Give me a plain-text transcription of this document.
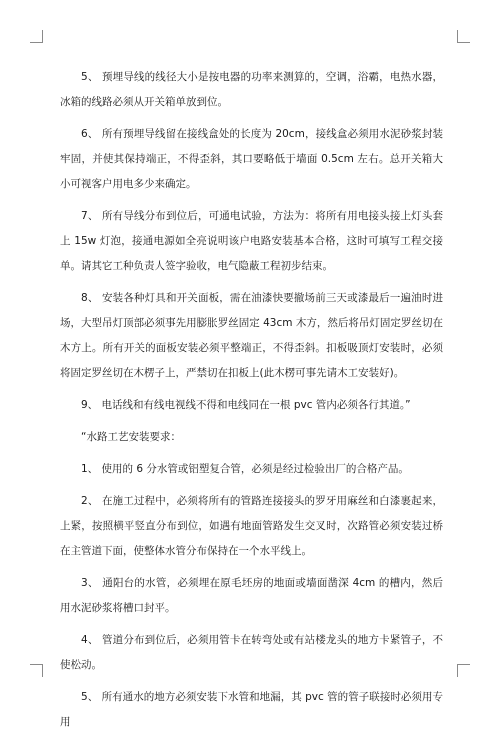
5、 预埋导线的线径大小是按电器的功率来测算的，空调，浴霸，电热水器，冰箱的线路必须从开关箱单放到位。

6、 所有预埋导线留在接线盒处的长度为 20cm，接线盒必须用水泥砂浆封装牢固，并使其保持端正，不得歪斜，其口要略低于墙面 0.5cm 左右。总开关箱大小可视客户用电多少来确定。

7、 所有导线分布到位后，可通电试验，方法为：将所有用电接头接上灯头套上 15w 灯泡，接通电源如全亮说明该户电路安装基本合格，这时可填写工程交接单。请其它工种负责人签字验收，电气隐蔽工程初步结束。

8、 安装各种灯具和开关面板，需在油漆快要撤场前三天或漆最后一遍油时进场，大型吊灯顶部必须事先用膨胀罗丝固定 43cm 木方，然后将吊灯固定罗丝切在木方上。所有开关的面板安装必须平整端正，不得歪斜。扣板吸顶灯安装时，必须将固定罗丝切在木楞子上，严禁切在扣板上(此木楞可事先请木工安装好)。

9、 电话线和有线电视线不得和电线同在一根 pvc 管内必须各行其道。”

“水路工艺安装要求：

1、 使用的 6 分水管或铝塑复合管，必须是经过检验出厂的合格产品。

2、 在施工过程中，必须将所有的管路连接接头的罗牙用麻丝和白漆裹起来，上紧，按照横平竖直分布到位，如遇有地面管路发生交叉时，次路管必须安装过桥在主管道下面，使整体水管分布保持在一个水平线上。

3、 通阳台的水管，必须埋在原毛坯房的地面或墙面凿深 4cm 的槽内，然后用水泥砂浆将槽口封平。

4、 管道分布到位后，必须用管卡在转弯处或有站楼龙头的地方卡紧管子，不使松动。

5、 所有通水的地方必须安装下水管和地漏，其 pvc 管的管子联接时必须用专用
